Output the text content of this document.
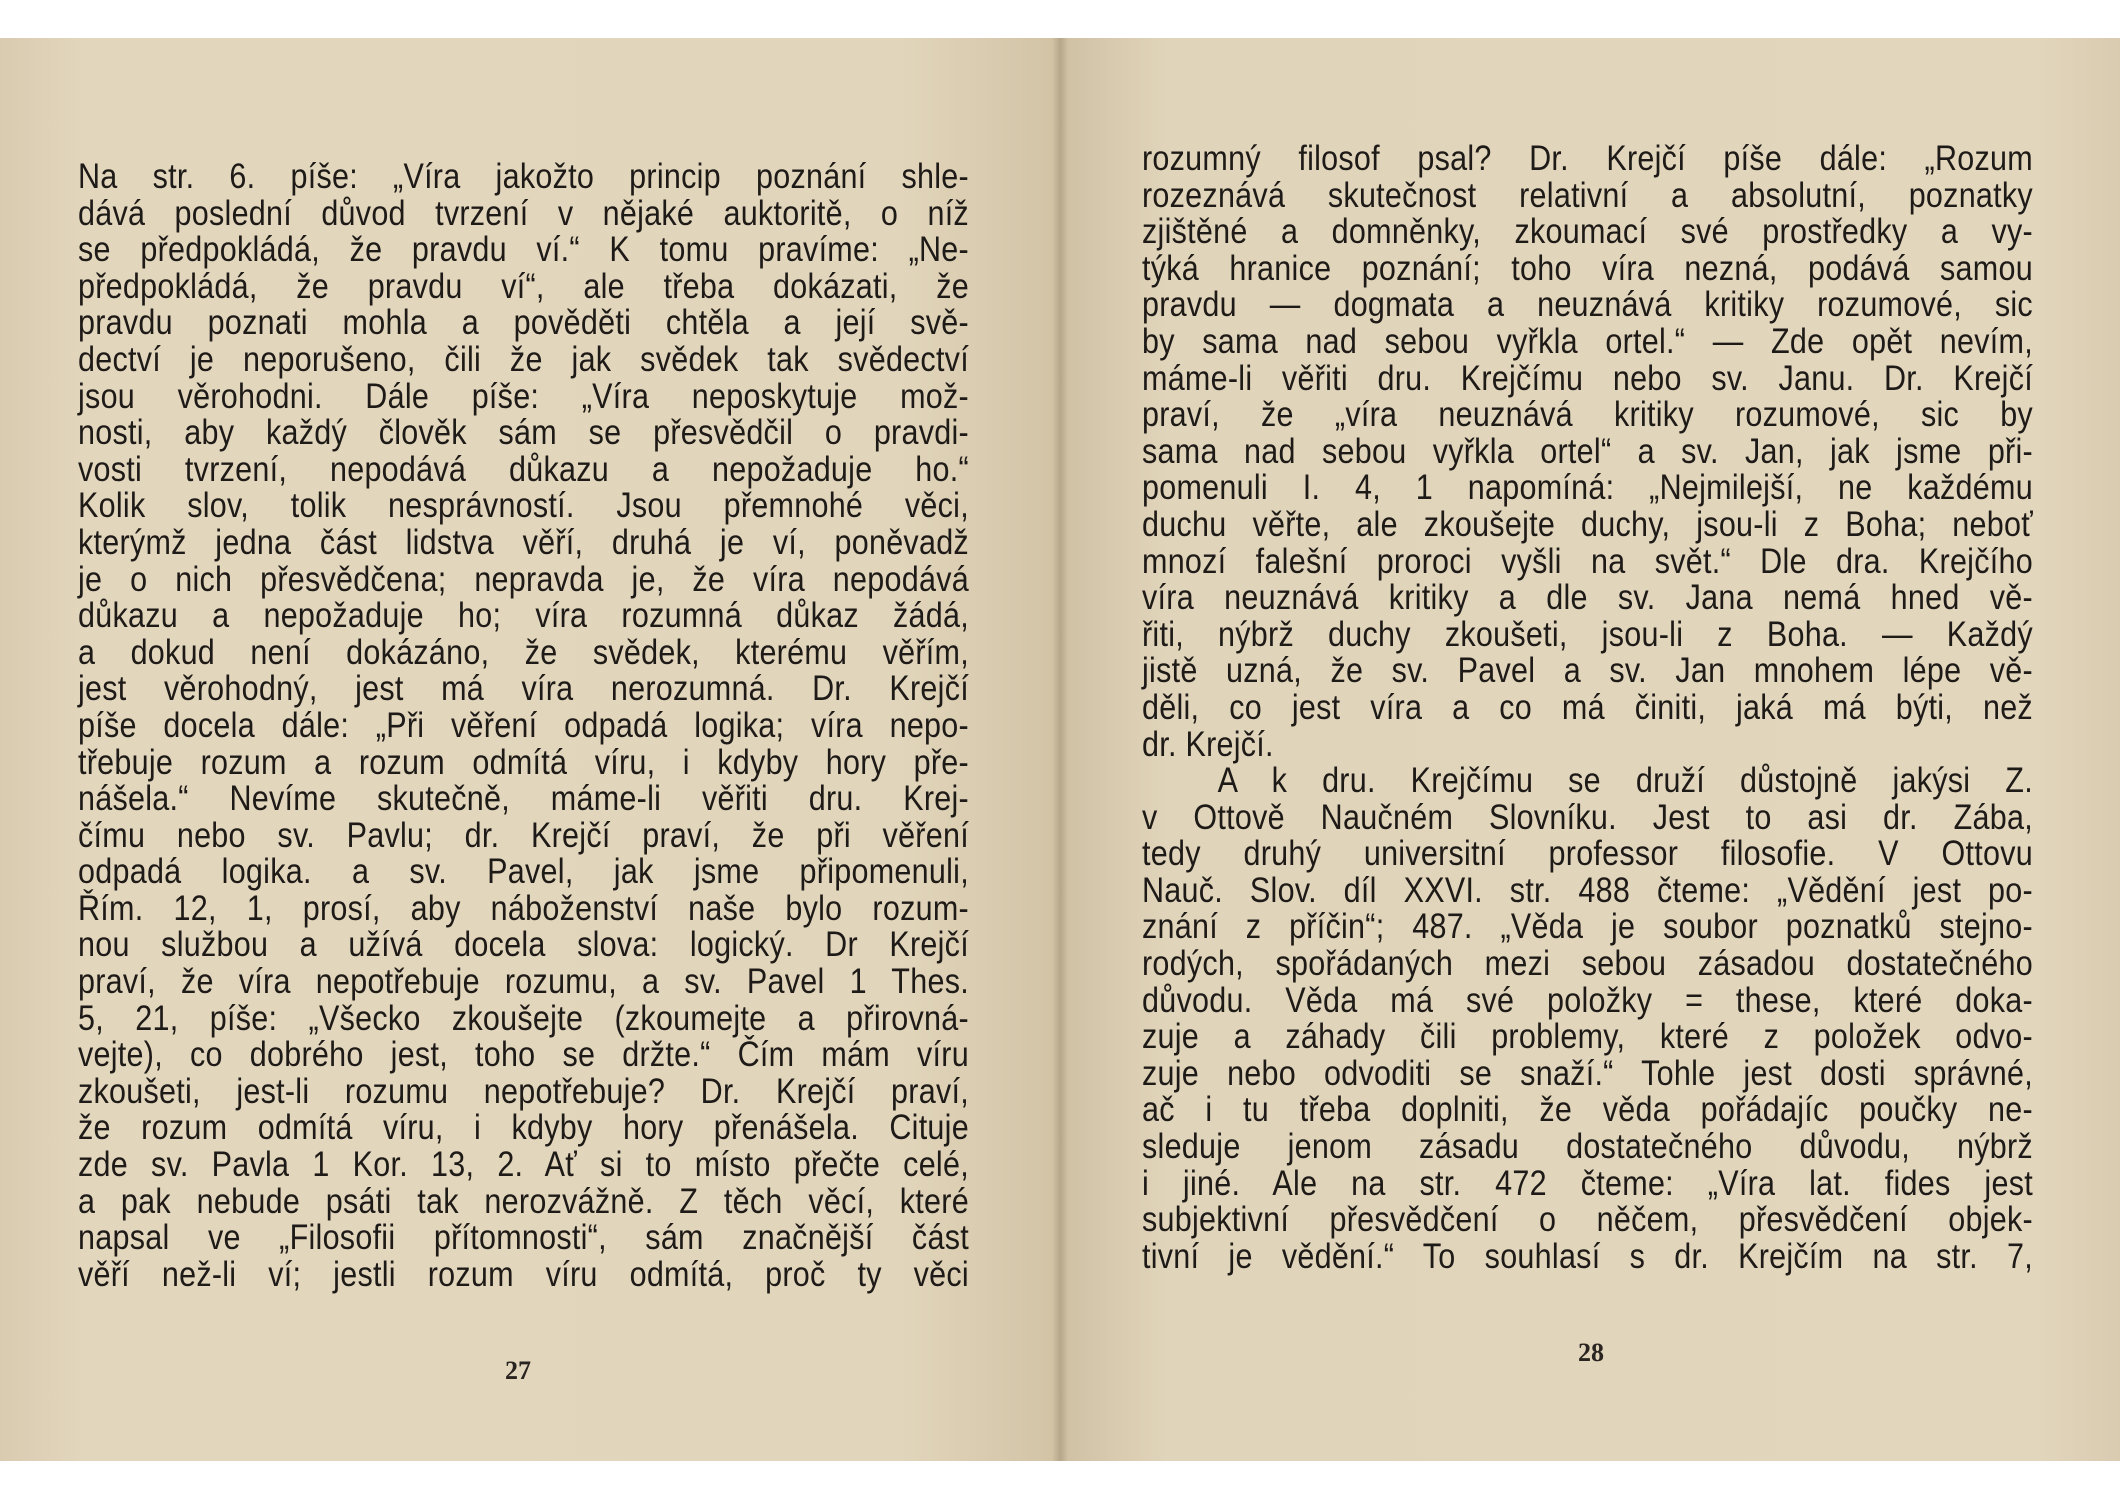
Na str. 6. píše: „Víra jakožto princip poznání shle-
dává poslední důvod tvrzení v nějaké auktoritě, o níž
se předpokládá, že pravdu ví.“ K tomu pravíme: „Ne-
předpokládá, že pravdu ví“, ale třeba dokázati, že
pravdu poznati mohla a pověděti chtěla a její svě-
dectví je neporušeno, čili že jak svědek tak svědectví
jsou věrohodni. Dále píše: „Víra neposkytuje mož-
nosti, aby každý člověk sám se přesvědčil o pravdi-
vosti tvrzení, nepodává důkazu a nepožaduje ho.“
Kolik slov, tolik nesprávností. Jsou přemnohé věci,
kterýmž jedna část lidstva věří, druhá je ví, poněvadž
je o nich přesvědčena; nepravda je, že víra nepodává
důkazu a nepožaduje ho; víra rozumná důkaz žádá,
a dokud není dokázáno, že svědek, kterému věřím,
jest věrohodný, jest má víra nerozumná. Dr. Krejčí
píše docela dále: „Při věření odpadá logika; víra nepo-
třebuje rozum a rozum odmítá víru, i kdyby hory pře-
nášela.“ Nevíme skutečně, máme-li věřiti dru. Krej-
čímu nebo sv. Pavlu; dr. Krejčí praví, že při věření
odpadá logika. a sv. Pavel, jak jsme připomenuli,
Řím. 12, 1, prosí, aby náboženství naše bylo rozum-
nou službou a užívá docela slova: logický. Dr Krejčí
praví, že víra nepotřebuje rozumu, a sv. Pavel 1 Thes.
5, 21, píše: „Všecko zkoušejte (zkoumejte a přirovná-
vejte), co dobrého jest, toho se držte.“ Čím mám víru
zkoušeti, jest-li rozumu nepotřebuje? Dr. Krejčí praví,
že rozum odmítá víru, i kdyby hory přenášela. Cituje
zde sv. Pavla 1 Kor. 13, 2. Ať si to místo přečte celé,
a pak nebude psáti tak nerozvážně. Z těch věcí, které
napsal ve „Filosofii přítomnosti“, sám značnější část
věří než-li ví; jestli rozum víru odmítá, proč ty věci
27
rozumný filosof psal? Dr. Krejčí píše dále: „Rozum
rozeznává skutečnost relativní a absolutní, poznatky
zjištěné a domněnky, zkoumací své prostředky a vy-
týká hranice poznání; toho víra nezná, podává samou
pravdu — dogmata a neuznává kritiky rozumové, sic
by sama nad sebou vyřkla ortel.“ — Zde opět nevím,
máme-li věřiti dru. Krejčímu nebo sv. Janu. Dr. Krejčí
praví, že „víra neuznává kritiky rozumové, sic by
sama nad sebou vyřkla ortel“ a sv. Jan, jak jsme při-
pomenuli I. 4, 1 napomíná: „Nejmilejší, ne každému
duchu věřte, ale zkoušejte duchy, jsou-li z Boha; neboť
mnozí falešní proroci vyšli na svět.“ Dle dra. Krejčího
víra neuznává kritiky a dle sv. Jana nemá hned vě-
řiti, nýbrž duchy zkoušeti, jsou-li z Boha. — Každý
jistě uzná, že sv. Pavel a sv. Jan mnohem lépe vě-
děli, co jest víra a co má činiti, jaká má býti, než
dr. Krejčí.
A k dru. Krejčímu se druží důstojně jakýsi Z.
v Ottově Naučném Slovníku. Jest to asi dr. Zába,
tedy druhý universitní professor filosofie. V Ottovu
Nauč. Slov. díl XXVI. str. 488 čteme: „Vědění jest po-
znání z příčin“; 487. „Věda je soubor poznatků stejno-
rodých, spořádaných mezi sebou zásadou dostatečného
důvodu. Věda má své položky = these, které doka-
zuje a záhady čili problemy, které z položek odvo-
zuje nebo odvoditi se snaží.“ Tohle jest dosti správné,
ač i tu třeba doplniti, že věda pořádajíc poučky ne-
sleduje jenom zásadu dostatečného důvodu, nýbrž
i jiné. Ale na str. 472 čteme: „Víra lat. fides jest
subjektivní přesvědčení o něčem, přesvědčení objek-
tivní je vědění.“ To souhlasí s dr. Krejčím na str. 7,
28
